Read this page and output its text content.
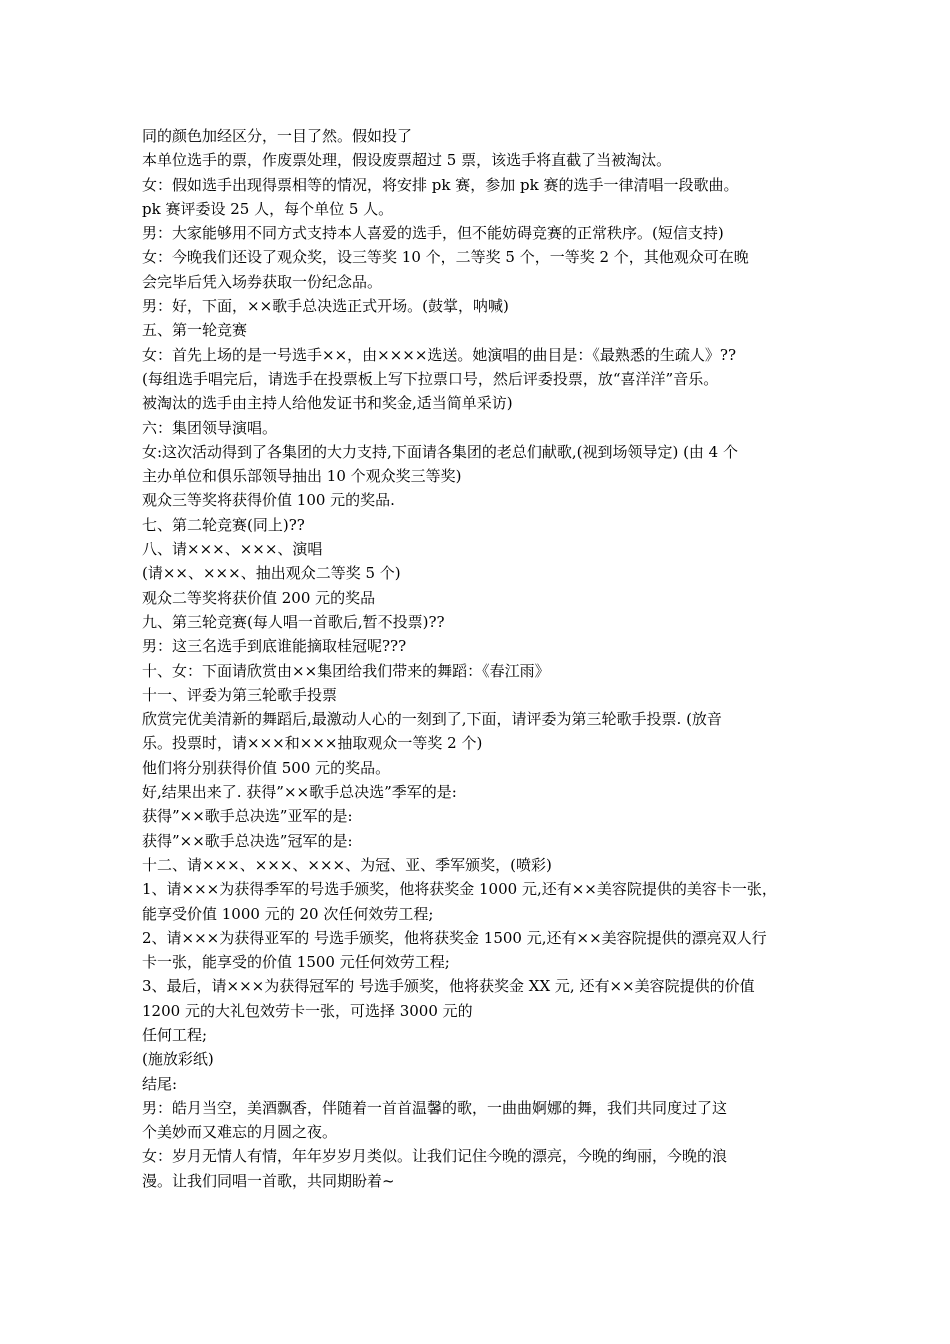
同的颜色加经区分，一目了然。假如投了
本单位选手的票，作废票处理，假设废票超过 5 票，该选手将直截了当被淘汰。
女：假如选手出现得票相等的情况，将安排 pk 赛，参加 pk 赛的选手一律清唱一段歌曲。
pk 赛评委设 25 人，每个单位 5 人。
男：大家能够用不同方式支持本人喜爱的选手，但不能妨碍竞赛的正常秩序。(短信支持)
女：今晚我们还设了观众奖，设三等奖 10 个，二等奖 5 个，一等奖 2 个，其他观众可在晚
会完毕后凭入场券获取一份纪念品。
男：好，下面，××歌手总决选正式开场。(鼓掌，呐喊)
五、第一轮竞赛
女：首先上场的是一号选手××，由××××选送。她演唱的曲目是：《最熟悉的生疏人》??
(每组选手唱完后，请选手在投票板上写下拉票口号，然后评委投票，放“喜洋洋”音乐。
被淘汰的选手由主持人给他发证书和奖金,适当简单采访)
六：集团领导演唱。
女:这次活动得到了各集团的大力支持,下面请各集团的老总们献歌,(视到场领导定) (由 4 个
主办单位和俱乐部领导抽出 10 个观众奖三等奖)
观众三等奖将获得价值 100 元的奖品.
七、第二轮竞赛(同上)??
八、请×××、×××、演唱
(请××、×××、抽出观众二等奖 5 个)
观众二等奖将获价值 200 元的奖品
九、第三轮竞赛(每人唱一首歌后,暂不投票)??
男：这三名选手到底谁能摘取桂冠呢???
十、女：下面请欣赏由××集团给我们带来的舞蹈：《春江雨》
十一、评委为第三轮歌手投票
欣赏完优美清新的舞蹈后,最激动人心的一刻到了,下面，请评委为第三轮歌手投票. (放音
乐。投票时，请×××和×××抽取观众一等奖 2 个)
他们将分别获得价值 500 元的奖品。
好,结果出来了. 获得”××歌手总决选”季军的是:
获得”××歌手总决选”亚军的是:
获得”××歌手总决选”冠军的是:
十二、请×××、×××、×××、为冠、亚、季军颁奖，(喷彩)
1、请×××为获得季军的号选手颁奖，他将获奖金 1000 元,还有××美容院提供的美容卡一张，
能享受价值 1000 元的 20 次任何效劳工程;
2、请×××为获得亚军的 号选手颁奖，他将获奖金 1500 元,还有××美容院提供的漂亮双人行
卡一张，能享受的价值 1500 元任何效劳工程;
3、最后，请×××为获得冠军的 号选手颁奖，他将获奖金 XX 元, 还有××美容院提供的价值
1200 元的大礼包效劳卡一张，可选择 3000 元的
任何工程;
(施放彩纸)
结尾:
男：皓月当空，美酒飘香，伴随着一首首温馨的歌，一曲曲婀娜的舞，我们共同度过了这
个美妙而又难忘的月圆之夜。
女：岁月无情人有情，年年岁岁月类似。让我们记住今晚的漂亮，今晚的绚丽，今晚的浪
漫。让我们同唱一首歌，共同期盼着~
